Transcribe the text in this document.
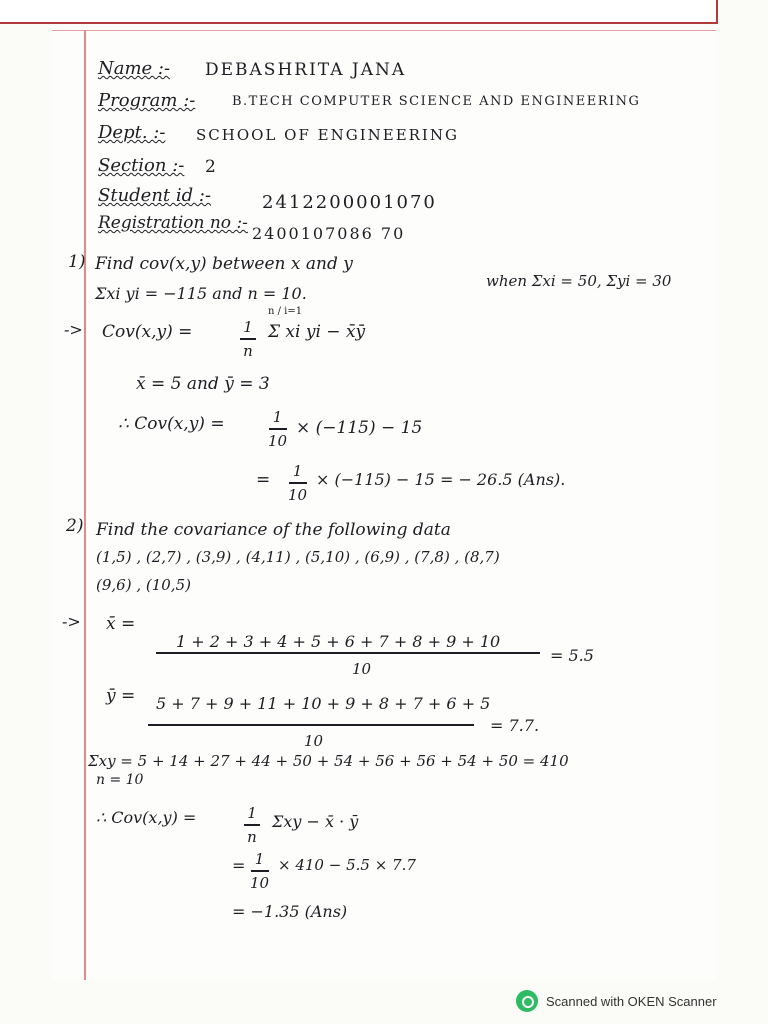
Name :- DEBASHRITA JANA
Program :-	B.TECH COMPUTER SCIENCE AND ENGINEERING
Dept. :- SCHOOL OF ENGINEERING
Section :- 2
Student id :-	2412200001070
Registration no :-
2400107086 70
1) Find cov(x,y) between x and y
when Σxi = 50, Σyi = 30
Σxi yi = −115 and n = 10.
-> Cov(x,y) =	1
n
n / i=1
Σ xi yi − x̄ȳ
x̄ = 5 and ȳ = 3
∴ Cov(x,y) =	1
10
× (−115) − 15
= 1
10
× (−115) − 15 = − 26.5 (Ans).
2) Find the covariance of the following data
(1,5) , (2,7) , (3,9) , (4,11) , (5,10) , (6,9) , (7,8) , (8,7)
(9,6) , (10,5)
-> x̄ =
1 + 2 + 3 + 4 + 5 + 6 + 7 + 8 + 9 + 10
10
= 5.5
ȳ = 5 + 7 + 9 + 11 + 10 + 9 + 8 + 7 + 6 + 5
10
= 7.7.
Σxy = 5 + 14 + 27 + 44 + 50 + 54 + 56 + 56 + 54 + 50 = 410
n = 10
∴ Cov(x,y) =	1
n
Σxy − x̄ · ȳ
= 1
10
× 410 − 5.5 × 7.7
= −1.35 (Ans)
Scanned with OKEN Scanner
